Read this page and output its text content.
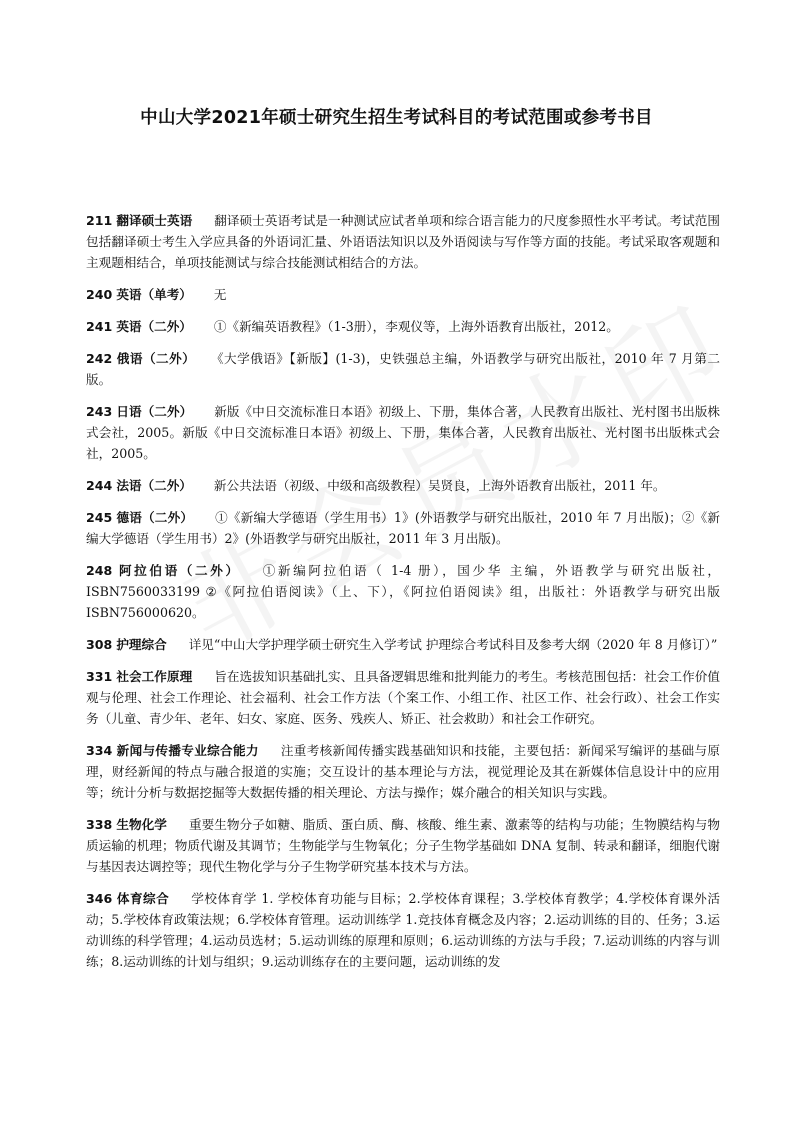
中山大学2021年硕士研究生招生考试科目的考试范围或参考书目
211 翻译硕士英语 翻译硕士英语考试是一种测试应试者单项和综合语言能力的尺度参照性水平考试。考试范围包括翻译硕士考生入学应具备的外语词汇量、外语语法知识以及外语阅读与写作等方面的技能。考试采取客观题和主观题相结合，单项技能测试与综合技能测试相结合的方法。
240 英语（单考） 无
241 英语（二外） ①《新编英语教程》（1-3册），李观仪等，上海外语教育出版社，2012。
242 俄语（二外） 《大学俄语》【新版】(1-3)，史铁强总主编，外语教学与研究出版社，2010 年 7 月第二版。
243 日语（二外） 新版《中日交流标准日本语》初级上、下册，集体合著，人民教育出版社、光村图书出版株式会社，2005。新版《中日交流标准日本语》初级上、下册，集体合著，人民教育出版社、光村图书出版株式会社，2005。
244 法语（二外） 新公共法语（初级、中级和高级教程）吴贤良，上海外语教育出版社，2011 年。
245 德语（二外） ①《新编大学德语（学生用书）1》(外语教学与研究出版社，2010 年 7 月出版)；②《新编大学德语（学生用书）2》(外语教学与研究出版社，2011 年 3 月出版)。
248 阿拉伯语（二外） ①新编阿拉伯语（ 1-4 册），国少华 主编，外语教学与研究出版社，ISBN7560033199 ②《阿拉伯语阅读》（上、下），《阿拉伯语阅读》组，出版社：外语教学与研究出版 ISBN756000620。
308 护理综合 详见“中山大学护理学硕士研究生入学考试 护理综合考试科目及参考大纲（2020 年 8 月修订）”
331 社会工作原理 旨在选拔知识基础扎实、且具备逻辑思维和批判能力的考生。考核范围包括：社会工作价值观与伦理、社会工作理论、社会福利、社会工作方法（个案工作、小组工作、社区工作、社会行政）、社会工作实务（儿童、青少年、老年、妇女、家庭、医务、残疾人、矫正、社会救助）和社会工作研究。
334 新闻与传播专业综合能力 注重考核新闻传播实践基础知识和技能，主要包括：新闻采写编评的基础与原理，财经新闻的特点与融合报道的实施；交互设计的基本理论与方法，视觉理论及其在新媒体信息设计中的应用等；统计分析与数据挖掘等大数据传播的相关理论、方法与操作；媒介融合的相关知识与实践。
338 生物化学 重要生物分子如糖、脂质、蛋白质、酶、核酸、维生素、激素等的结构与功能；生物膜结构与物质运输的机理；物质代谢及其调节；生物能学与生物氧化；分子生物学基础如 DNA 复制、转录和翻译，细胞代谢与基因表达调控等；现代生物化学与分子生物学研究基本技术与方法。
346 体育综合 学校体育学 1. 学校体育功能与目标；2.学校体育课程；3.学校体育教学；4.学校体育课外活动；5.学校体育政策法规；6.学校体育管理。运动训练学 1.竞技体育概念及内容；2.运动训练的目的、任务；3.运动训练的科学管理；4.运动员选材；5.运动训练的原理和原则；6.运动训练的方法与手段；7.运动训练的内容与训练；8.运动训练的计划与组织；9.运动训练存在的主要问题，运动训练的发
